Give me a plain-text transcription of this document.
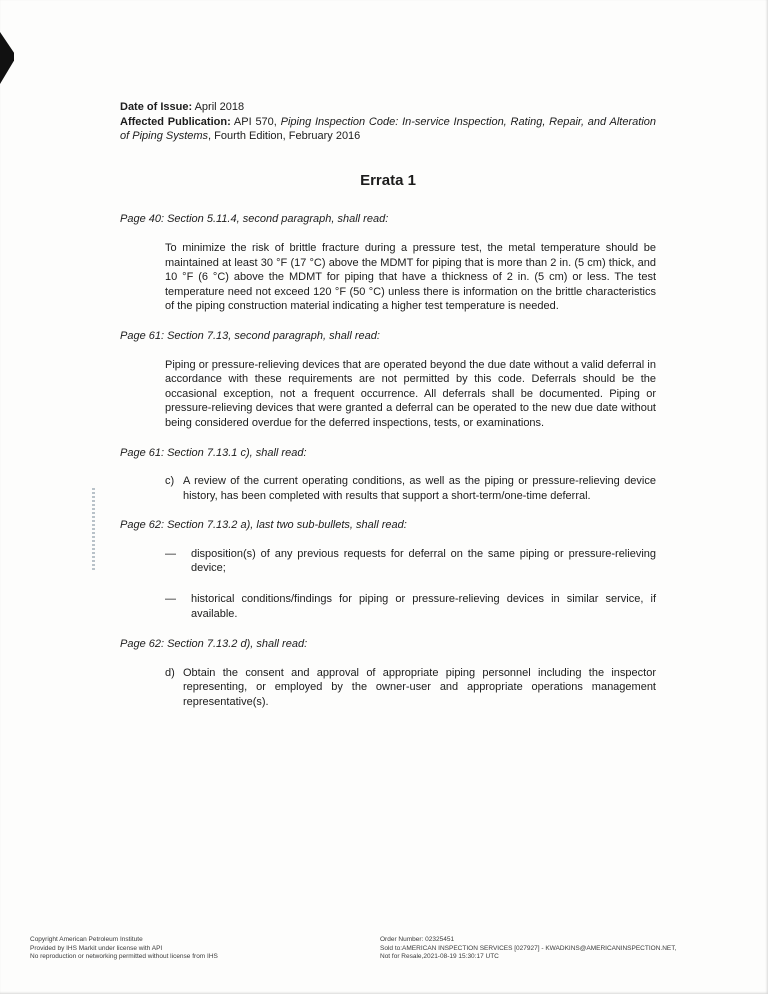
Date of Issue: April 2018
Affected Publication: API 570, Piping Inspection Code: In-service Inspection, Rating, Repair, and Alteration of Piping Systems, Fourth Edition, February 2016
Errata 1
Page 40: Section 5.11.4, second paragraph, shall read:
To minimize the risk of brittle fracture during a pressure test, the metal temperature should be maintained at least 30 °F (17 °C) above the MDMT for piping that is more than 2 in. (5 cm) thick, and 10 °F (6 °C) above the MDMT for piping that have a thickness of 2 in. (5 cm) or less. The test temperature need not exceed 120 °F (50 °C) unless there is information on the brittle characteristics of the piping construction material indicating a higher test temperature is needed.
Page 61: Section 7.13, second paragraph, shall read:
Piping or pressure-relieving devices that are operated beyond the due date without a valid deferral in accordance with these requirements are not permitted by this code. Deferrals should be the occasional exception, not a frequent occurrence. All deferrals shall be documented. Piping or pressure-relieving devices that were granted a deferral can be operated to the new due date without being considered overdue for the deferred inspections, tests, or examinations.
Page 61: Section 7.13.1 c), shall read:
c) A review of the current operating conditions, as well as the piping or pressure-relieving device history, has been completed with results that support a short-term/one-time deferral.
Page 62: Section 7.13.2 a), last two sub-bullets, shall read:
—	disposition(s) of any previous requests for deferral on the same piping or pressure-relieving device;
—	historical conditions/findings for piping or pressure-relieving devices in similar service, if available.
Page 62: Section 7.13.2 d), shall read:
d) Obtain the consent and approval of appropriate piping personnel including the inspector representing, or employed by the owner-user and appropriate operations management representative(s).
Copyright American Petroleum Institute
Provided by IHS Markit under license with API
No reproduction or networking permitted without license from IHS
Order Number: 02325451
Sold to:AMERICAN INSPECTION SERVICES [027927] - KWADKINS@AMERICANINSPECTION.NET,
Not for Resale,2021-08-19 15:30:17 UTC
